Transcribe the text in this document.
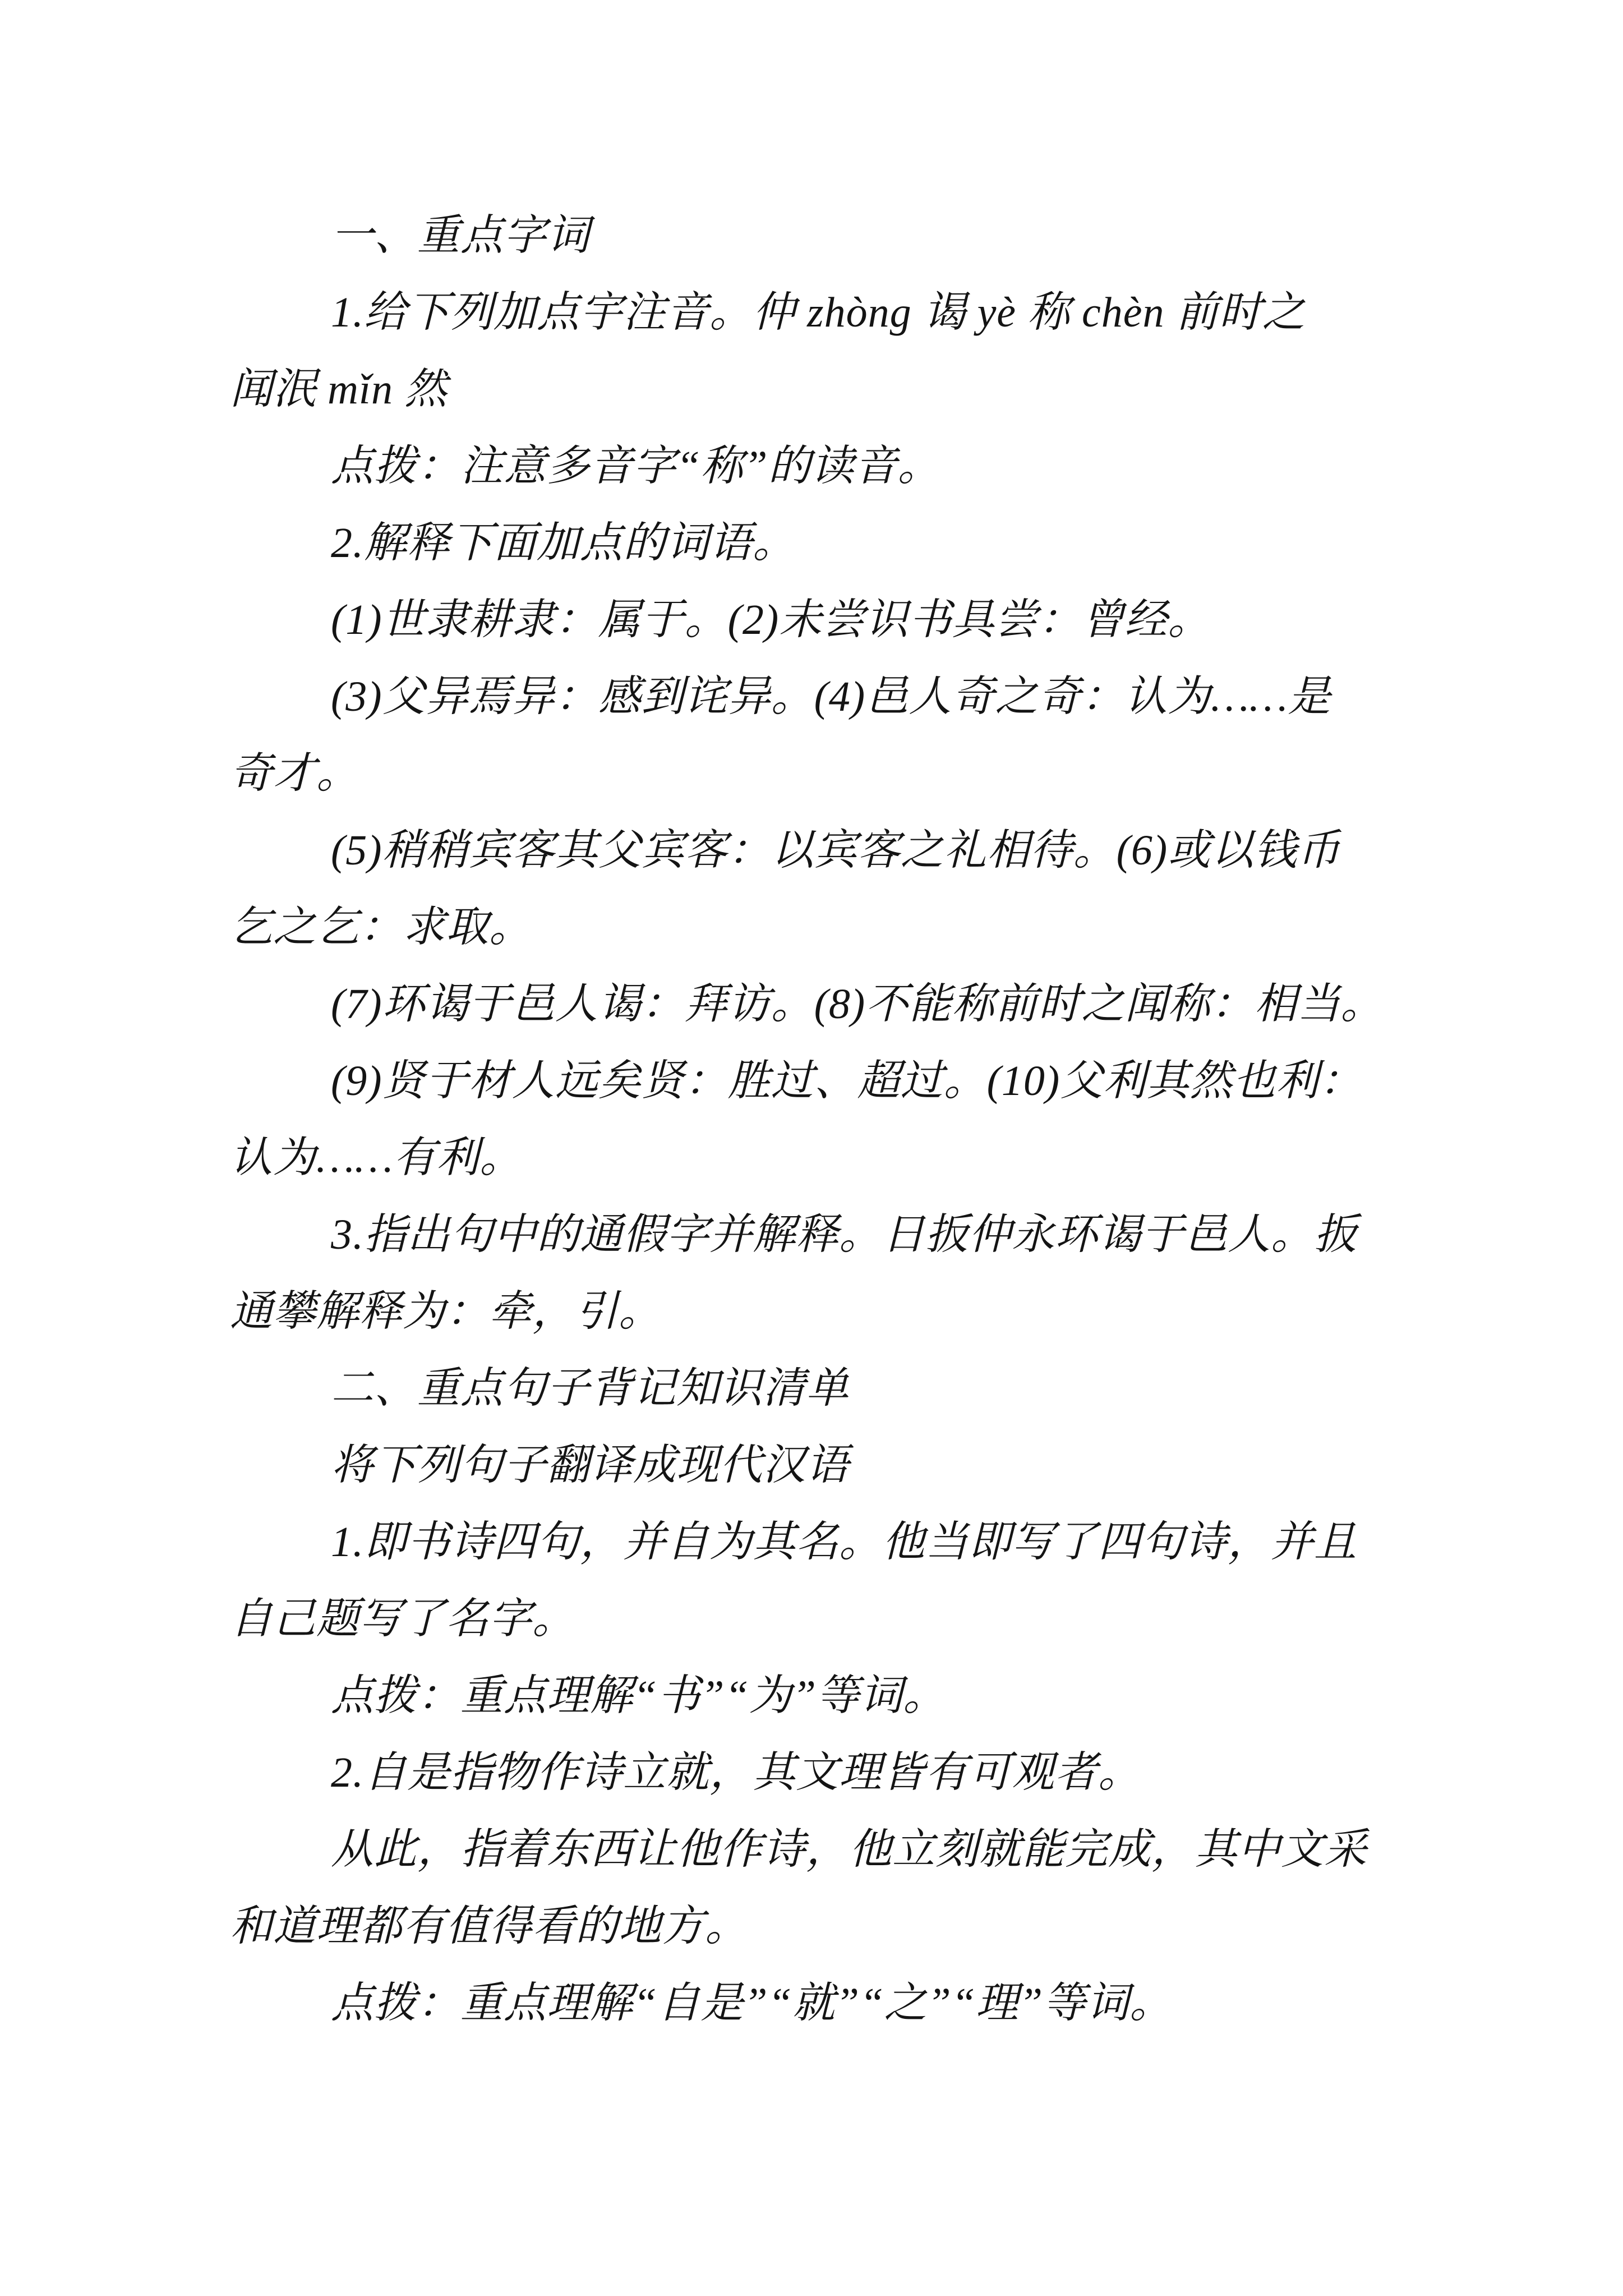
一、重点字词
1.给下列加点宇注音。仲 zhòng 谒 yè 称 chèn 前时之
闻泯 mǐn 然
点拨：注意多音字“称”的读音。
2.解释下面加点的词语。
(1)世隶耕隶：属于。(2)未尝识书具尝：曾经。
(3)父异焉异：感到诧异。(4)邑人奇之奇：认为……是
奇才。
(5)稍稍宾客其父宾客：以宾客之礼相待。(6)或以钱币
乞之乞：求取。
(7)环谒于邑人谒：拜访。(8)不能称前时之闻称：相当。
(9)贤于材人远矣贤：胜过、超过。(10)父利其然也利：
认为……有利。
3.指出句中的通假字并解释。日扳仲永环谒于邑人。扳
通攀解释为：牵，引。
二、重点句子背记知识清单
将下列句子翻译成现代汉语
1.即书诗四句，并自为其名。他当即写了四句诗，并且
自己题写了名字。
点拨：重点理解“书”“为”等词。
2.自是指物作诗立就，其文理皆有可观者。
从此，指着东西让他作诗，他立刻就能完成，其中文采
和道理都有值得看的地方。
点拨：重点理解“自是”“就”“之”“理”等词。
